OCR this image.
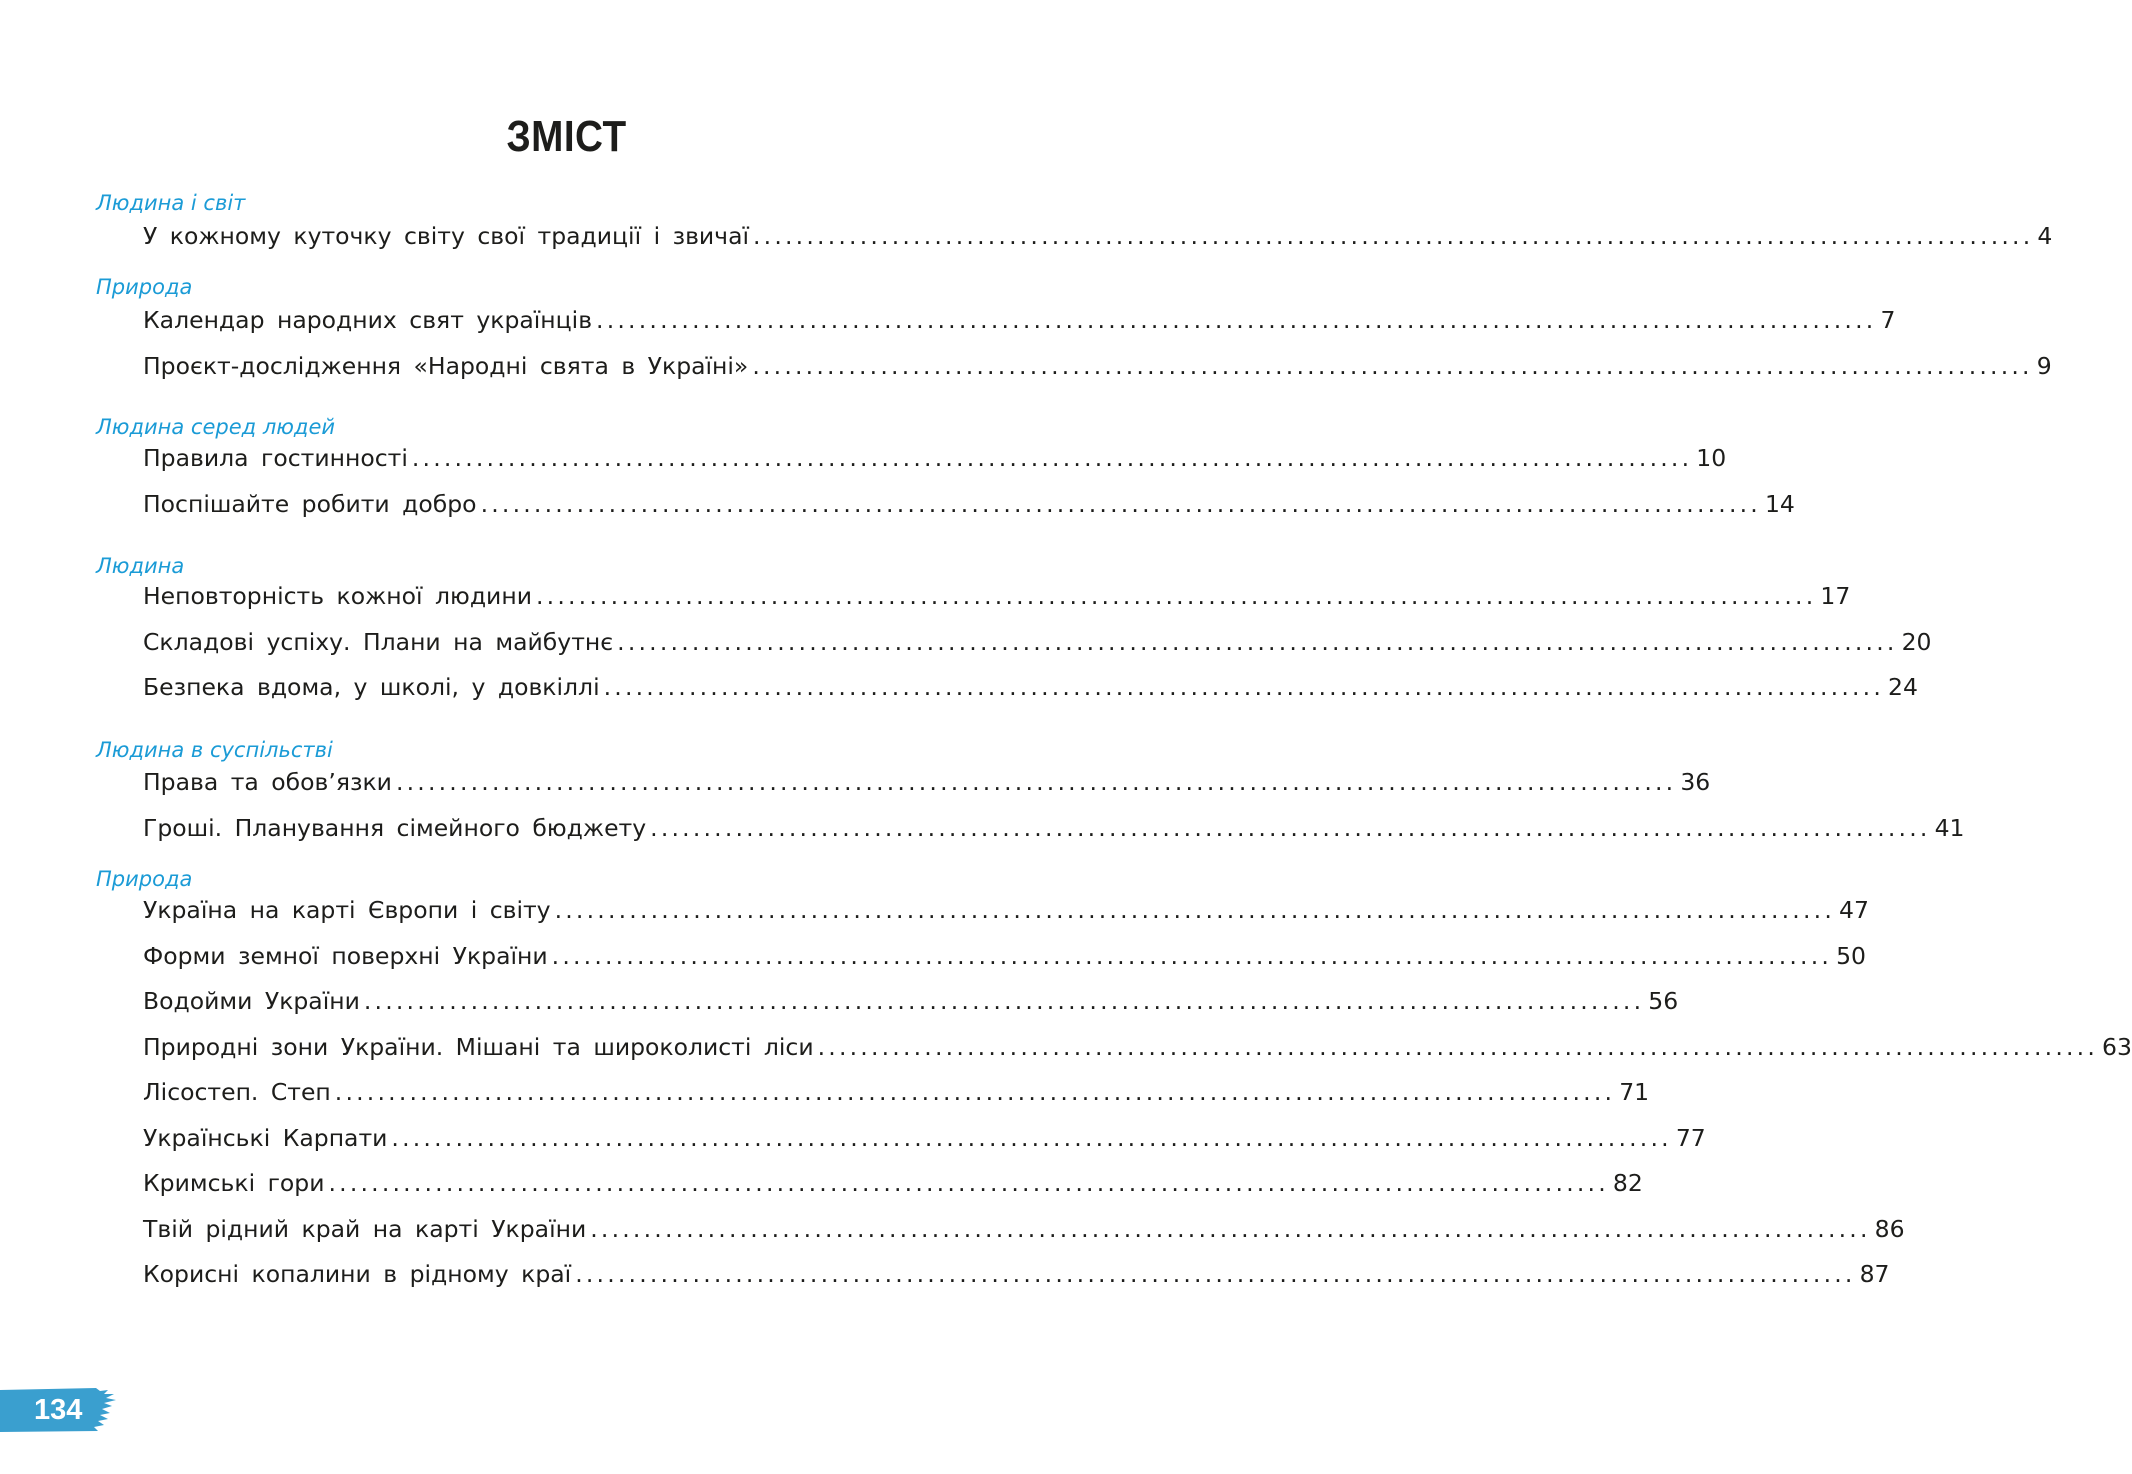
ЗМІСТ
Людина і світ
У кожному куточку світу свої традиції і звичаї ........................................................................................................................ 4
Природа
Календар народних свят українців ........................................................................................................................ 7
Проєкт-дослідження «Народні свята в Україні» ........................................................................................................................ 9
Людина серед людей
Правила гостинності ........................................................................................................................ 10
Поспішайте робити добро ........................................................................................................................ 14
Людина
Неповторність кожної людини ........................................................................................................................ 17
Складові успіху. Плани на майбутнє ........................................................................................................................ 20
Безпека вдома, у школі, у довкіллі ........................................................................................................................ 24
Людина в суспільстві
Права та обов’язки ........................................................................................................................ 36
Гроші. Планування сімейного бюджету ........................................................................................................................ 41
Природа
Україна на карті Європи і світу ........................................................................................................................ 47
Форми земної поверхні України ........................................................................................................................ 50
Водойми України ........................................................................................................................ 56
Природні зони України. Мішані та широколисті ліси ........................................................................................................................ 63
Лісостеп. Степ ........................................................................................................................ 71
Українські Карпати ........................................................................................................................ 77
Кримські гори ........................................................................................................................ 82
Твій рідний край на карті України ........................................................................................................................ 86
Корисні копалини в рідному краї ........................................................................................................................ 87
134
